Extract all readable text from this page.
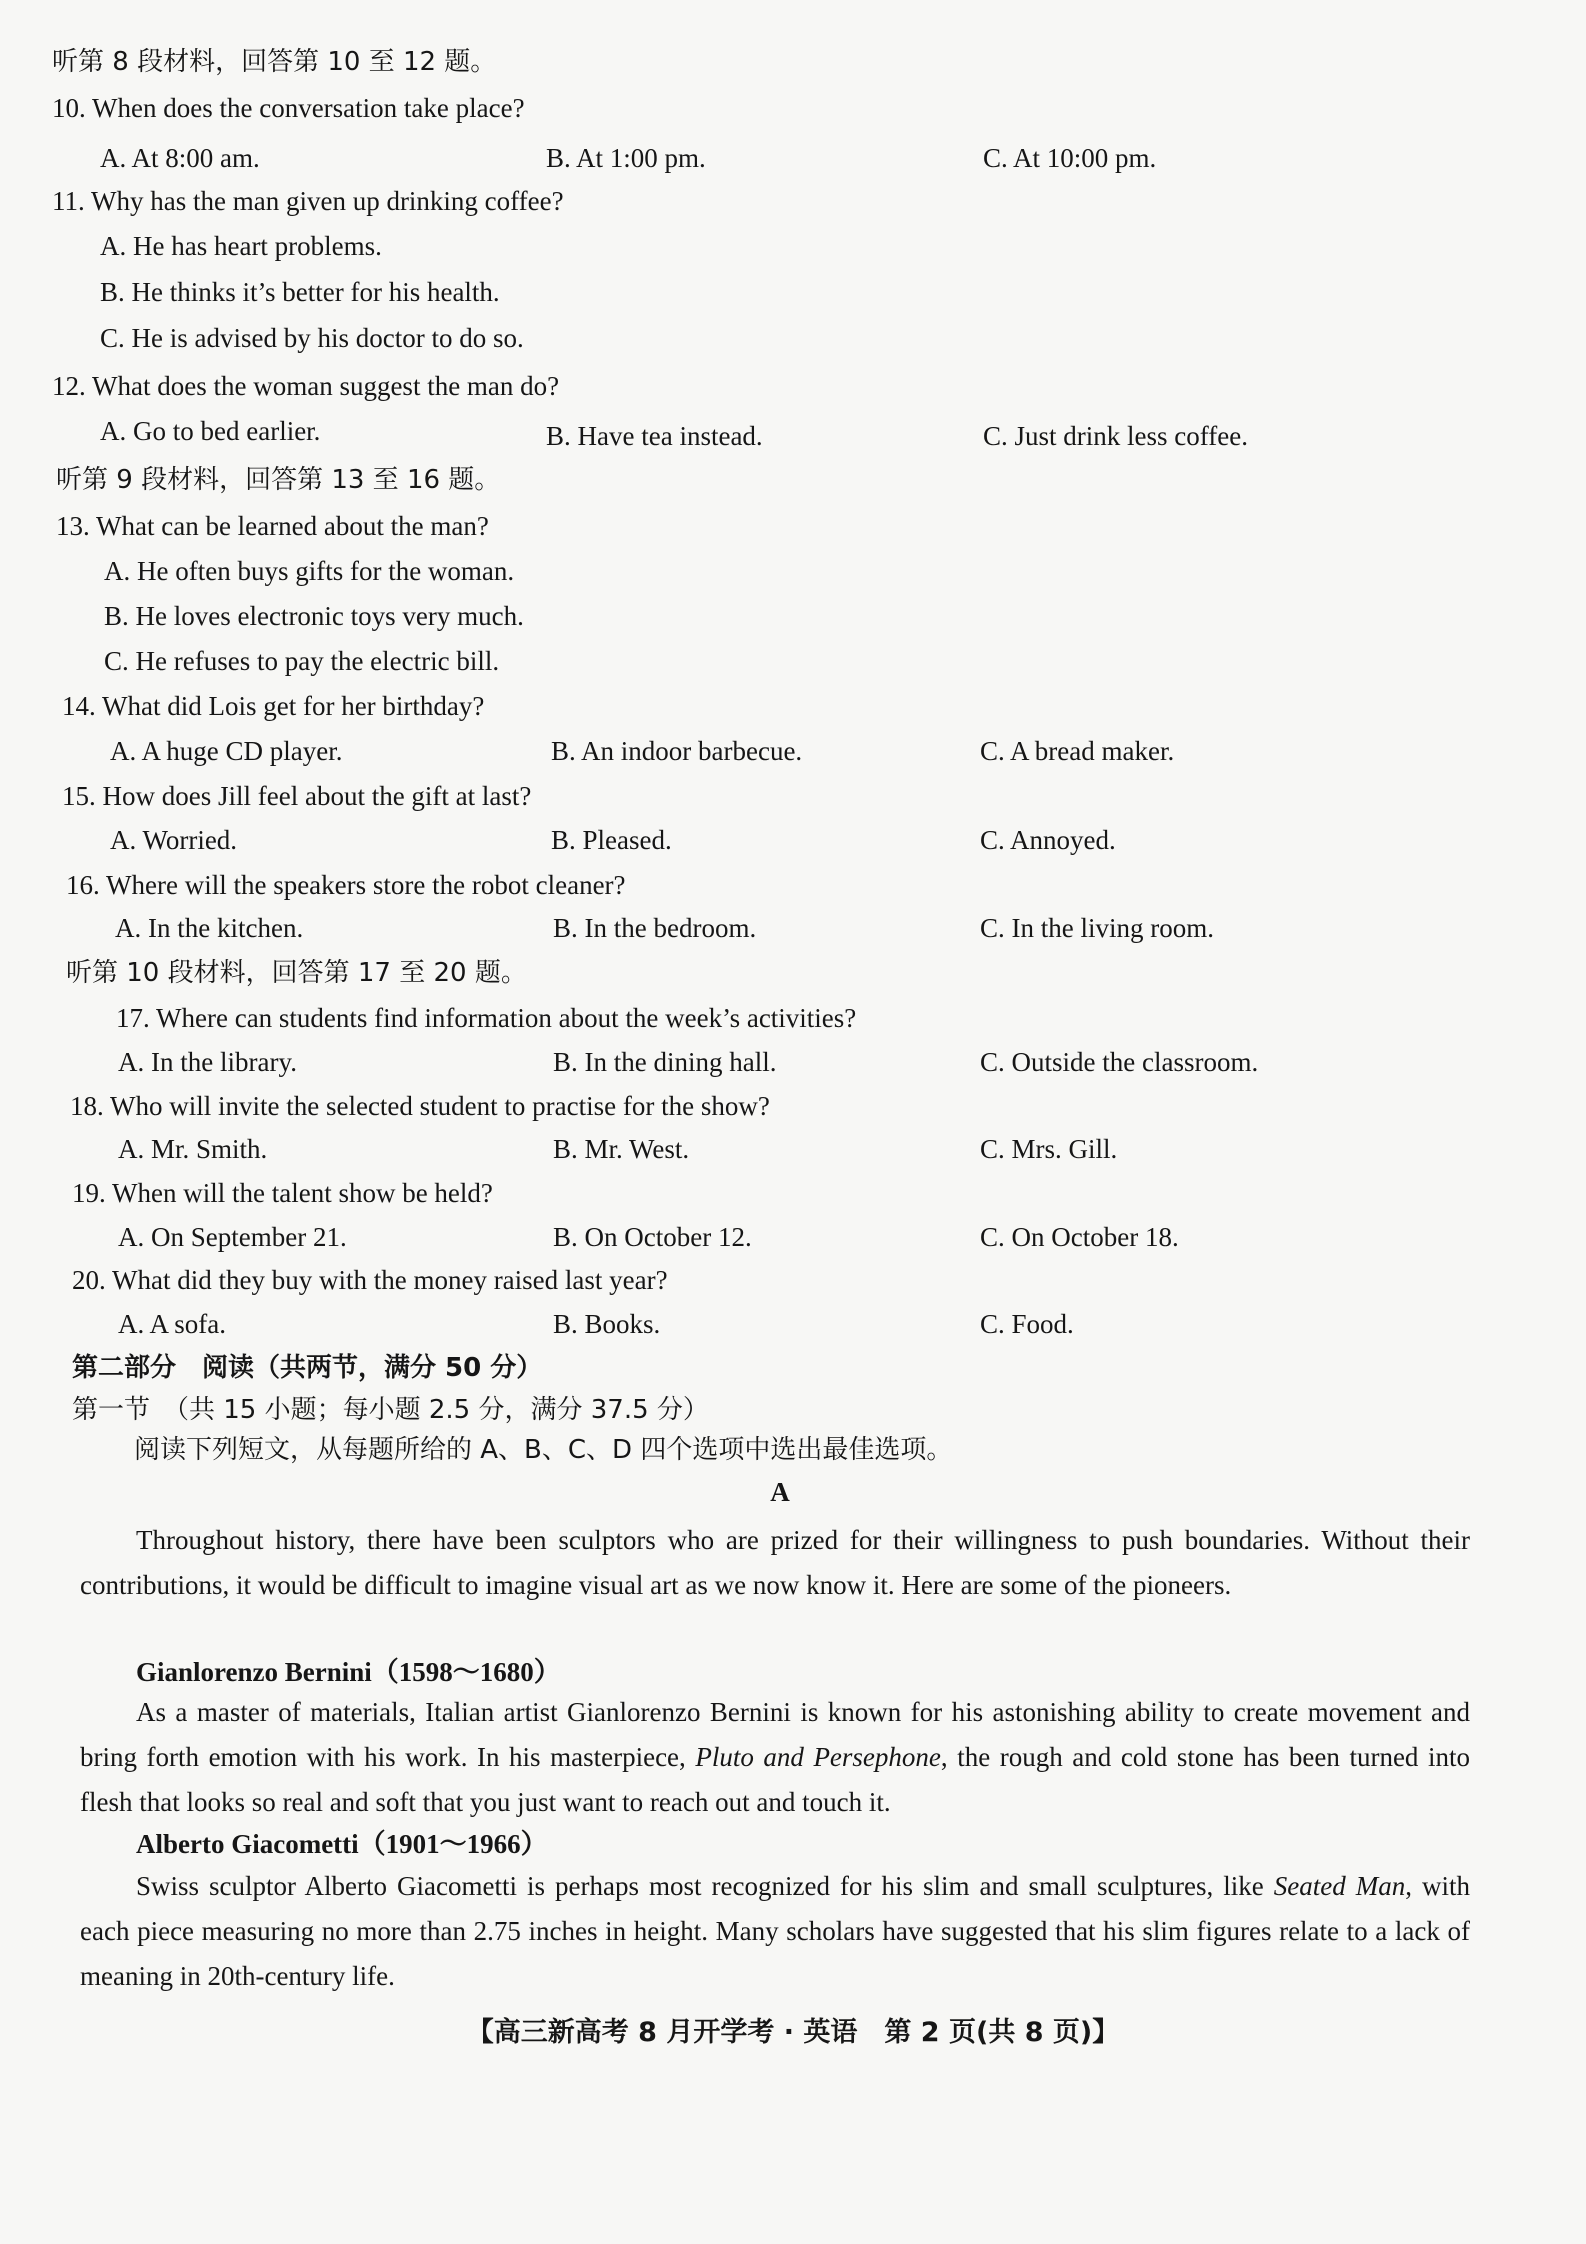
听第 8 段材料，回答第 10 至 12 题。
10. When does the conversation take place?
A. At 8:00 am.	B. At 1:00 pm.	C. At 10:00 pm.
11. Why has the man given up drinking coffee?
A. He has heart problems.
B. He thinks it’s better for his health.
C. He is advised by his doctor to do so.
12. What does the woman suggest the man do?
A. Go to bed earlier.	B. Have tea instead.	C. Just drink less coffee.
听第 9 段材料，回答第 13 至 16 题。
13. What can be learned about the man?
A. He often buys gifts for the woman.
B. He loves electronic toys very much.
C. He refuses to pay the electric bill.
14. What did Lois get for her birthday?
A. A huge CD player.	B. An indoor barbecue.	C. A bread maker.
15. How does Jill feel about the gift at last?
A. Worried.	B. Pleased.	C. Annoyed.
16. Where will the speakers store the robot cleaner?
A. In the kitchen.	B. In the bedroom.	C. In the living room.
听第 10 段材料，回答第 17 至 20 题。
17. Where can students find information about the week’s activities?
A. In the library.	B. In the dining hall.	C. Outside the classroom.
18. Who will invite the selected student to practise for the show?
A. Mr. Smith.	B. Mr. West.	C. Mrs. Gill.
19. When will the talent show be held?
A. On September 21.	B. On October 12.	C. On October 18.
20. What did they buy with the money raised last year?
A. A sofa.	B. Books.	C. Food.
第二部分　阅读（共两节，满分 50 分）
第一节　（共 15 小题；每小题 2.5 分，满分 37.5 分）
阅读下列短文，从每题所给的 A、B、C、D 四个选项中选出最佳选项。
A
Throughout history, there have been sculptors who are prized for their willingness to push boundaries. Without their contributions, it would be difficult to imagine visual art as we now know it. Here are some of the pioneers.
Gianlorenzo Bernini（1598～1680）
As a master of materials, Italian artist Gianlorenzo Bernini is known for his astonishing ability to create movement and bring forth emotion with his work. In his masterpiece, Pluto and Persephone, the rough and cold stone has been turned into flesh that looks so real and soft that you just want to reach out and touch it.
Alberto Giacometti（1901～1966）
Swiss sculptor Alberto Giacometti is perhaps most recognized for his slim and small sculptures, like Seated Man, with each piece measuring no more than 2.75 inches in height. Many scholars have suggested that his slim figures relate to a lack of meaning in 20th-century life.
【高三新高考 8 月开学考 · 英语　第 2 页(共 8 页)】
